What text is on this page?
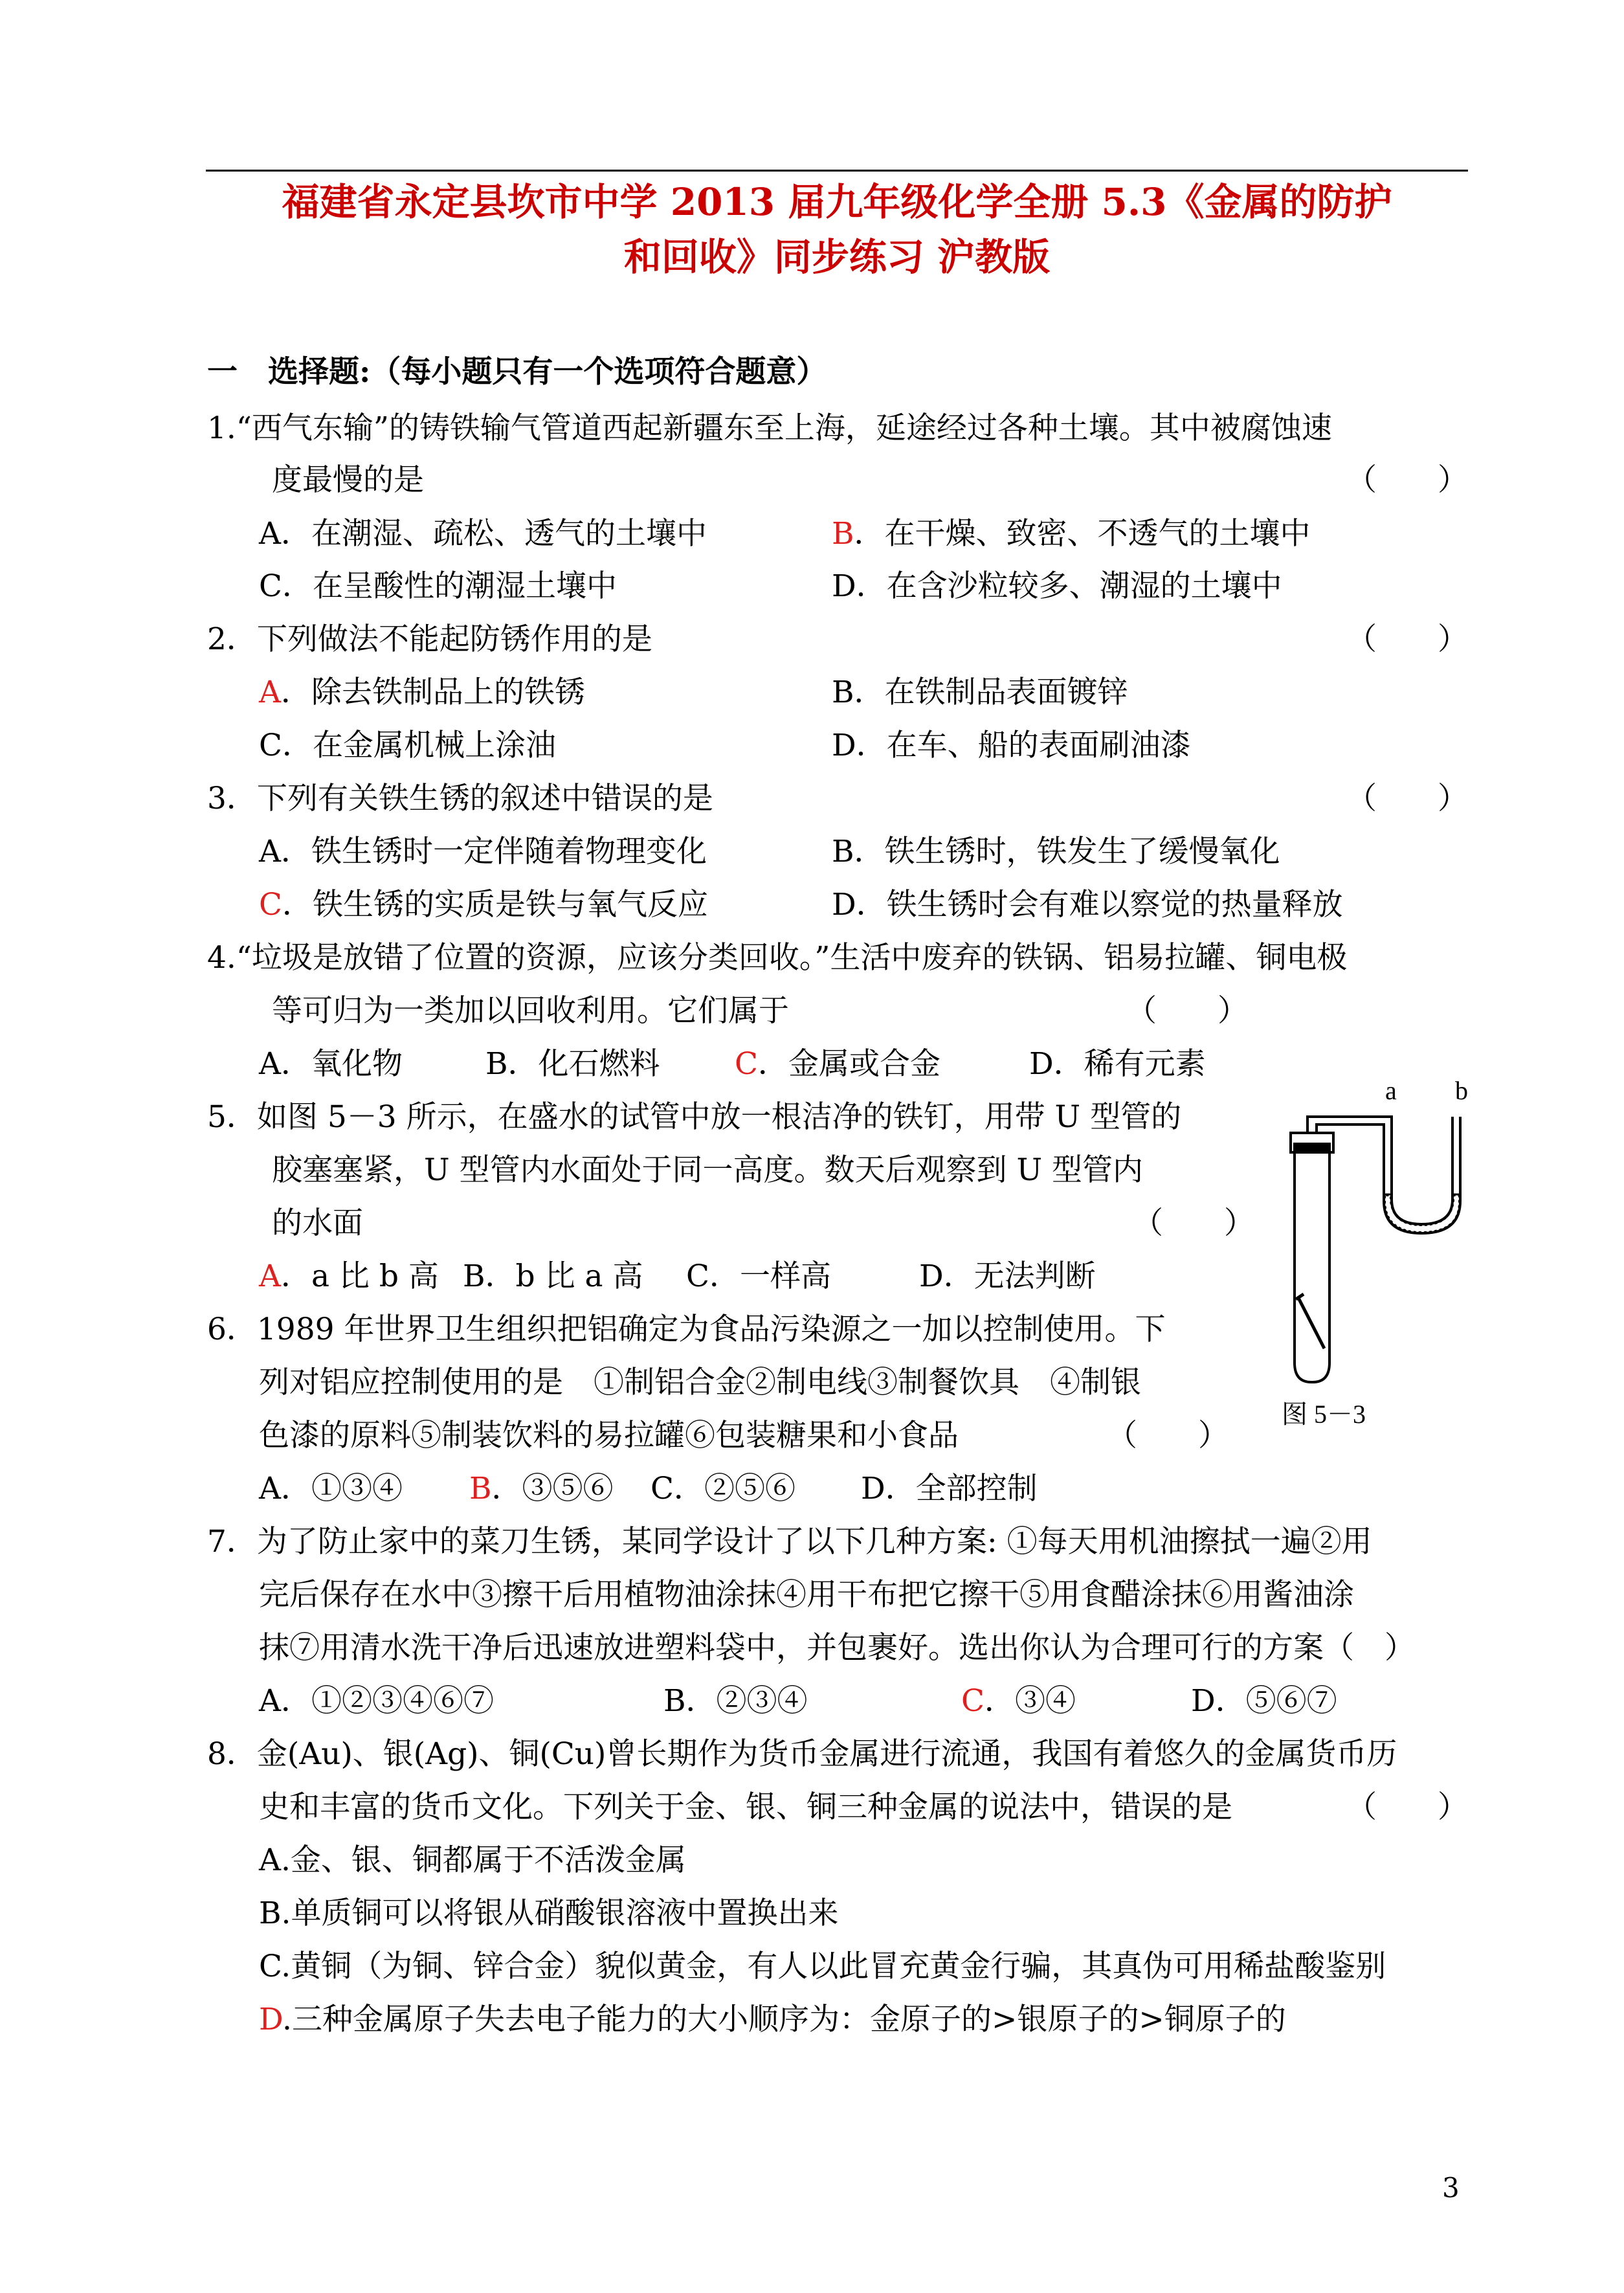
福建省永定县坎市中学 2013 届九年级化学全册 5.3《金属的防护
和回收》同步练习 沪教版
一　选择题:（每小题只有一个选项符合题意）
1.“西气东输”的铸铁输气管道西起新疆东至上海，延途经过各种土壤。其中被腐蚀速
度最慢的是	（　　）
A．在潮湿、疏松、透气的土壤中	B．在干燥、致密、不透气的土壤中
C．在呈酸性的潮湿土壤中	D．在含沙粒较多、潮湿的土壤中
2．下列做法不能起防锈作用的是	（　　）
A．除去铁制品上的铁锈	B．在铁制品表面镀锌
C．在金属机械上涂油	D．在车、船的表面刷油漆
3．下列有关铁生锈的叙述中错误的是	（　　）
A．铁生锈时一定伴随着物理变化	B．铁生锈时，铁发生了缓慢氧化
C．铁生锈的实质是铁与氧气反应	D．铁生锈时会有难以察觉的热量释放
4.“垃圾是放错了位置的资源，应该分类回收。”生活中废弃的铁锅、铝易拉罐、铜电极
等可归为一类加以回收利用。它们属于	（　　）
A．氧化物	B．化石燃料 C．金属或合金	D．稀有元素
5．如图 5－3 所示，在盛水的试管中放一根洁净的铁钉，用带 U 型管的
胶塞塞紧，U 型管内水面处于同一高度。数天后观察到 U 型管内
的水面	（　　）
A．a 比 b 高 B．b 比 a 高 C．一样高	D．无法判断
a b
图 5－3
6．1989 年世界卫生组织把铝确定为食品污染源之一加以控制使用。下
列对铝应控制使用的是　①制铝合金②制电线③制餐饮具　④制银
色漆的原料⑤制装饮料的易拉罐⑥包装糖果和小食品	（　　）
A．①③④ B．③⑤⑥ C．②⑤⑥ D．全部控制
7．为了防止家中的菜刀生锈，某同学设计了以下几种方案: ①每天用机油擦拭一遍②用
完后保存在水中③擦干后用植物油涂抹④用干布把它擦干⑤用食醋涂抹⑥用酱油涂
抹⑦用清水洗干净后迅速放进塑料袋中，并包裹好。选出你认为合理可行的方案（　）
A．①②③④⑥⑦	B．②③④	C．③④	D．⑤⑥⑦
8．金(Au)、银(Ag)、铜(Cu)曾长期作为货币金属进行流通，我国有着悠久的金属货币历
史和丰富的货币文化。下列关于金、银、铜三种金属的说法中，错误的是	（　　）
A.金、银、铜都属于不活泼金属
B.单质铜可以将银从硝酸银溶液中置换出来
C.黄铜（为铜、锌合金）貌似黄金，有人以此冒充黄金行骗，其真伪可用稀盐酸鉴别
D.三种金属原子失去电子能力的大小顺序为：金原子的>银原子的>铜原子的
3
